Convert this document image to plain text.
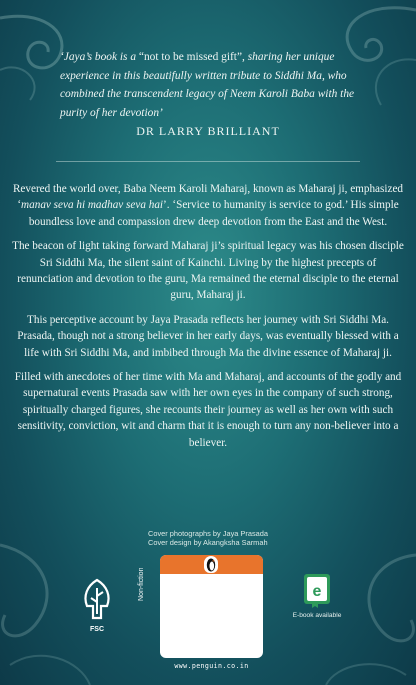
‘Jaya’s book is a “not to be missed gift”, sharing her unique experience in this beautifully written tribute to Siddhi Ma, who combined the transcendent legacy of Neem Karoli Baba with the purity of her devotion’

DR LARRY BRILLIANT

Revered the world over, Baba Neem Karoli Maharaj, known as Maharaj ji, emphasized ‘manav seva hi madhav seva hai’. ‘Service to humanity is service to god.’ His simple boundless love and compassion drew deep devotion from the East and the West.

The beacon of light taking forward Maharaj ji’s spiritual legacy was his chosen disciple Sri Siddhi Ma, the silent saint of Kainchi. Living by the highest precepts of renunciation and devotion to the guru, Ma remained the eternal disciple to the eternal guru, Maharaj ji.

This perceptive account by Jaya Prasada reflects her journey with Sri Siddhi Ma. Prasada, though not a strong believer in her early days, was eventually blessed with a life with Sri Siddhi Ma, and imbibed through Ma the divine essence of Maharaj ji.

Filled with anecdotes of her time with Ma and Maharaj, and accounts of the godly and supernatural events Prasada saw with her own eyes in the company of such strong, spiritually charged figures, she recounts their journey as well as her own with such sensitivity, conviction, wit and charm that it is enough to turn any non-believer into a believer.

Cover photographs by Jaya Prasada
Cover design by Akangksha Sarmah
FSC
Non-fiction
www.penguin.co.in
e
E-book available
